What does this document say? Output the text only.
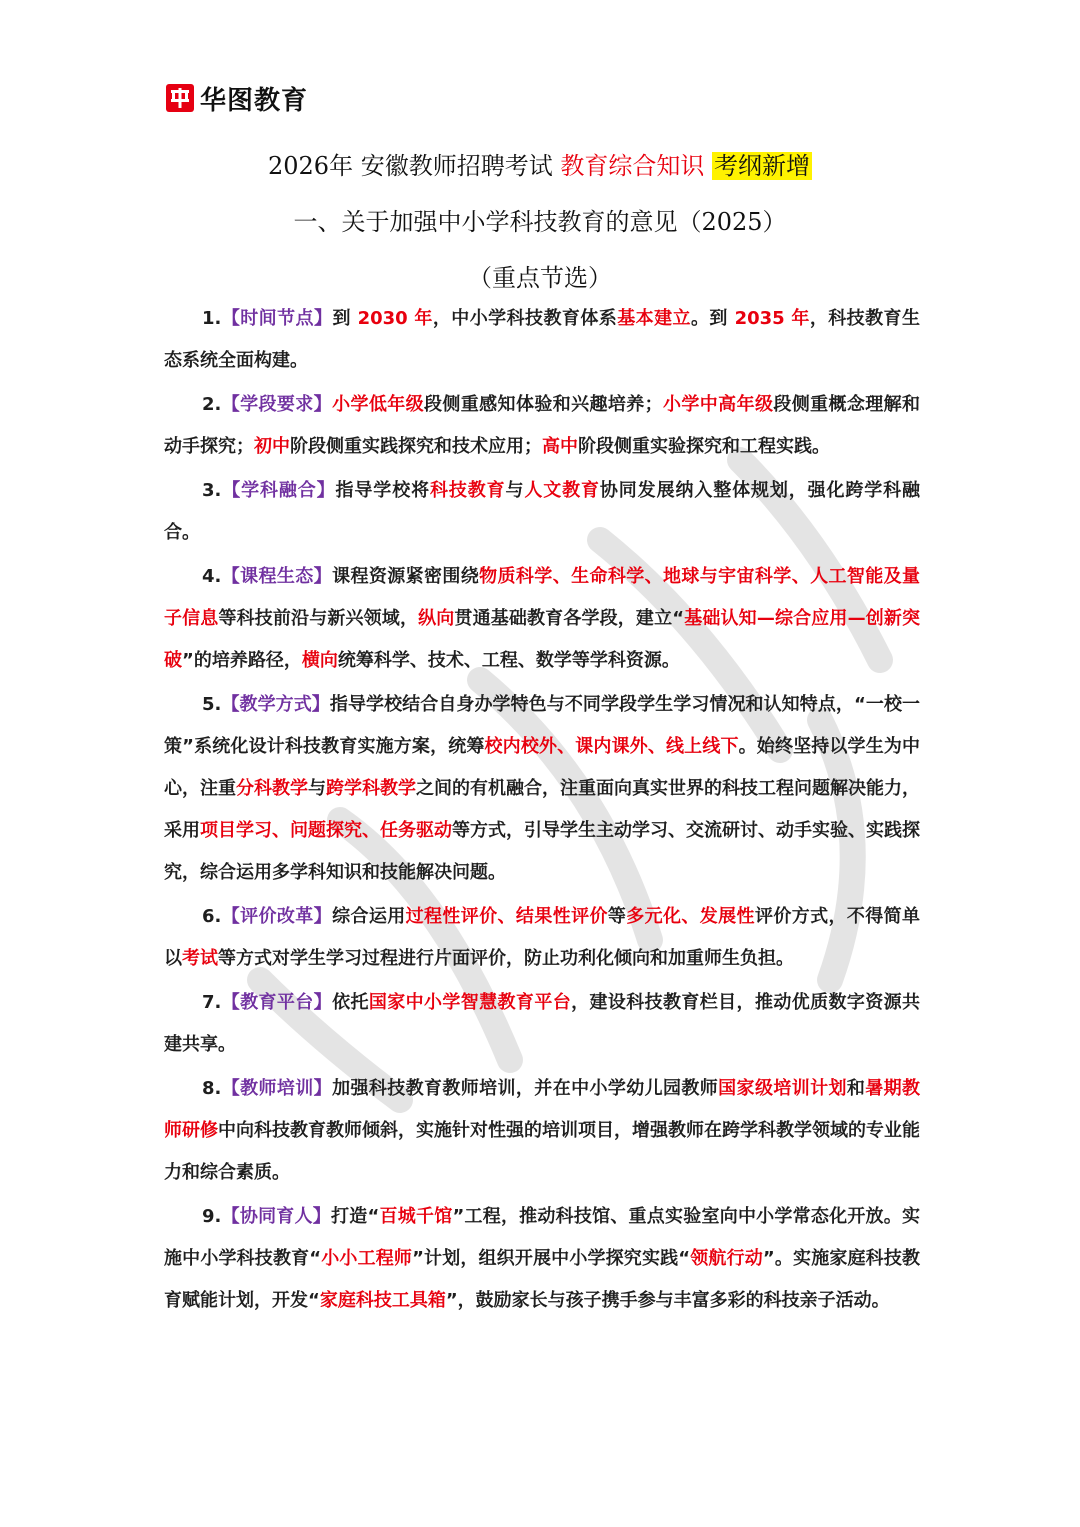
华图教育
2026年 安徽教师招聘考试 教育综合知识 考纲新增
一、关于加强中小学科技教育的意见（2025）
（重点节选）

1.【时间节点】到 2030 年，中小学科技教育体系基本建立。到 2035 年，科技教育生态系统全面构建。

2.【学段要求】小学低年级段侧重感知体验和兴趣培养；小学中高年级段侧重概念理解和动手探究；初中阶段侧重实践探究和技术应用；高中阶段侧重实验探究和工程实践。

3.【学科融合】指导学校将科技教育与人文教育协同发展纳入整体规划，强化跨学科融合。

4.【课程生态】课程资源紧密围绕物质科学、生命科学、地球与宇宙科学、人工智能及量子信息等科技前沿与新兴领域，纵向贯通基础教育各学段，建立“基础认知—综合应用—创新突破”的培养路径，横向统筹科学、技术、工程、数学等学科资源。

5.【教学方式】指导学校结合自身办学特色与不同学段学生学习情况和认知特点，“一校一策”系统化设计科技教育实施方案，统筹校内校外、课内课外、线上线下。始终坚持以学生为中心，注重分科教学与跨学科教学之间的有机融合，注重面向真实世界的科技工程问题解决能力，采用项目学习、问题探究、任务驱动等方式，引导学生主动学习、交流研讨、动手实验、实践探究，综合运用多学科知识和技能解决问题。

6.【评价改革】综合运用过程性评价、结果性评价等多元化、发展性评价方式，不得简单以考试等方式对学生学习过程进行片面评价，防止功利化倾向和加重师生负担。

7.【教育平台】依托国家中小学智慧教育平台，建设科技教育栏目，推动优质数字资源共建共享。

8.【教师培训】加强科技教育教师培训，并在中小学幼儿园教师国家级培训计划和暑期教师研修中向科技教育教师倾斜，实施针对性强的培训项目，增强教师在跨学科教学领域的专业能力和综合素质。

9.【协同育人】打造“百城千馆”工程，推动科技馆、重点实验室向中小学常态化开放。实施中小学科技教育“小小工程师”计划，组织开展中小学探究实践“领航行动”。实施家庭科技教育赋能计划，开发“家庭科技工具箱”，鼓励家长与孩子携手参与丰富多彩的科技亲子活动。
